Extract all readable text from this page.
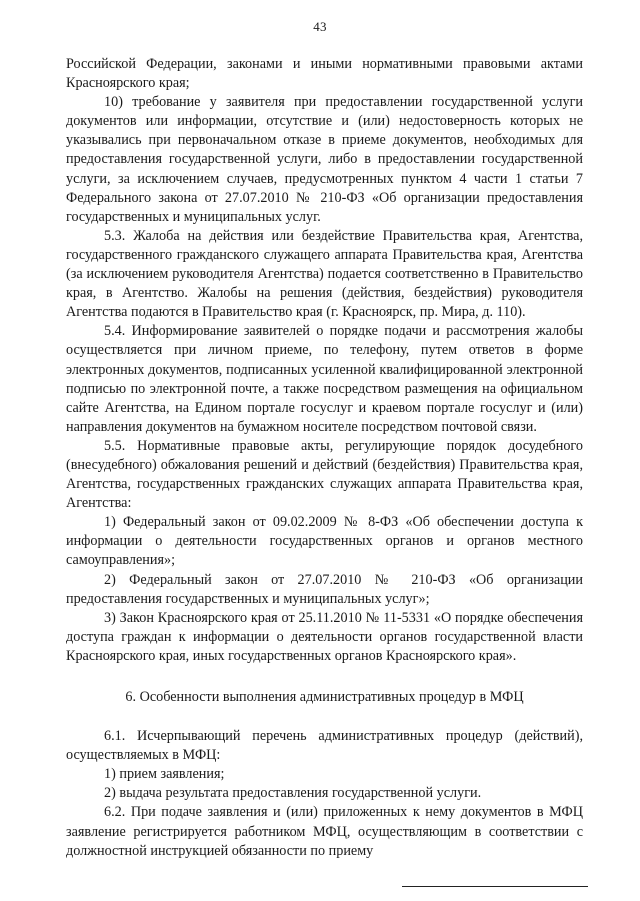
43

Российской Федерации, законами и иными нормативными правовыми актами Красноярского края;

10) требование у заявителя при предоставлении государственной услуги документов или информации, отсутствие и (или) недостоверность которых не указывались при первоначальном отказе в приеме документов, необходимых для предоставления государственной услуги, либо в предоставлении государственной услуги, за исключением случаев, предусмотренных пунктом 4 части 1 статьи 7 Федерального закона от 27.07.2010 № 210-ФЗ «Об организации предоставления государственных и муниципальных услуг.

5.3. Жалоба на действия или бездействие Правительства края, Агентства, государственного гражданского служащего аппарата Правительства края, Агентства (за исключением руководителя Агентства) подается соответственно в Правительство края, в Агентство. Жалобы на решения (действия, бездействия) руководителя Агентства подаются в Правительство края (г. Красноярск, пр. Мира, д. 110).

5.4. Информирование заявителей о порядке подачи и рассмотрения жалобы осуществляется при личном приеме, по телефону, путем ответов в форме электронных документов, подписанных усиленной квалифицированной электронной подписью по электронной почте, а также посредством размещения на официальном сайте Агентства, на Едином портале госуслуг и краевом портале госуслуг и (или) направления документов на бумажном носителе посредством почтовой связи.

5.5. Нормативные правовые акты, регулирующие порядок досудебного (внесудебного) обжалования решений и действий (бездействия) Правительства края, Агентства, государственных гражданских служащих аппарата Правительства края, Агентства:

1) Федеральный закон от 09.02.2009 № 8-ФЗ «Об обеспечении доступа к информации о деятельности государственных органов и органов местного самоуправления»;

2) Федеральный закон от 27.07.2010 № 210-ФЗ «Об организации предоставления государственных и муниципальных услуг»;

3) Закон Красноярского края от 25.11.2010 № 11-5331 «О порядке обеспечения доступа граждан к информации о деятельности органов государственной власти Красноярского края, иных государственных органов Красноярского края».

6. Особенности выполнения административных процедур в МФЦ

6.1. Исчерпывающий перечень административных процедур (действий), осуществляемых в МФЦ:

1) прием заявления;

2) выдача результата предоставления государственной услуги.

6.2. При подаче заявления и (или) приложенных к нему документов в МФЦ заявление регистрируется работником МФЦ, осуществляющим в соответствии с должностной инструкцией обязанности по приему
